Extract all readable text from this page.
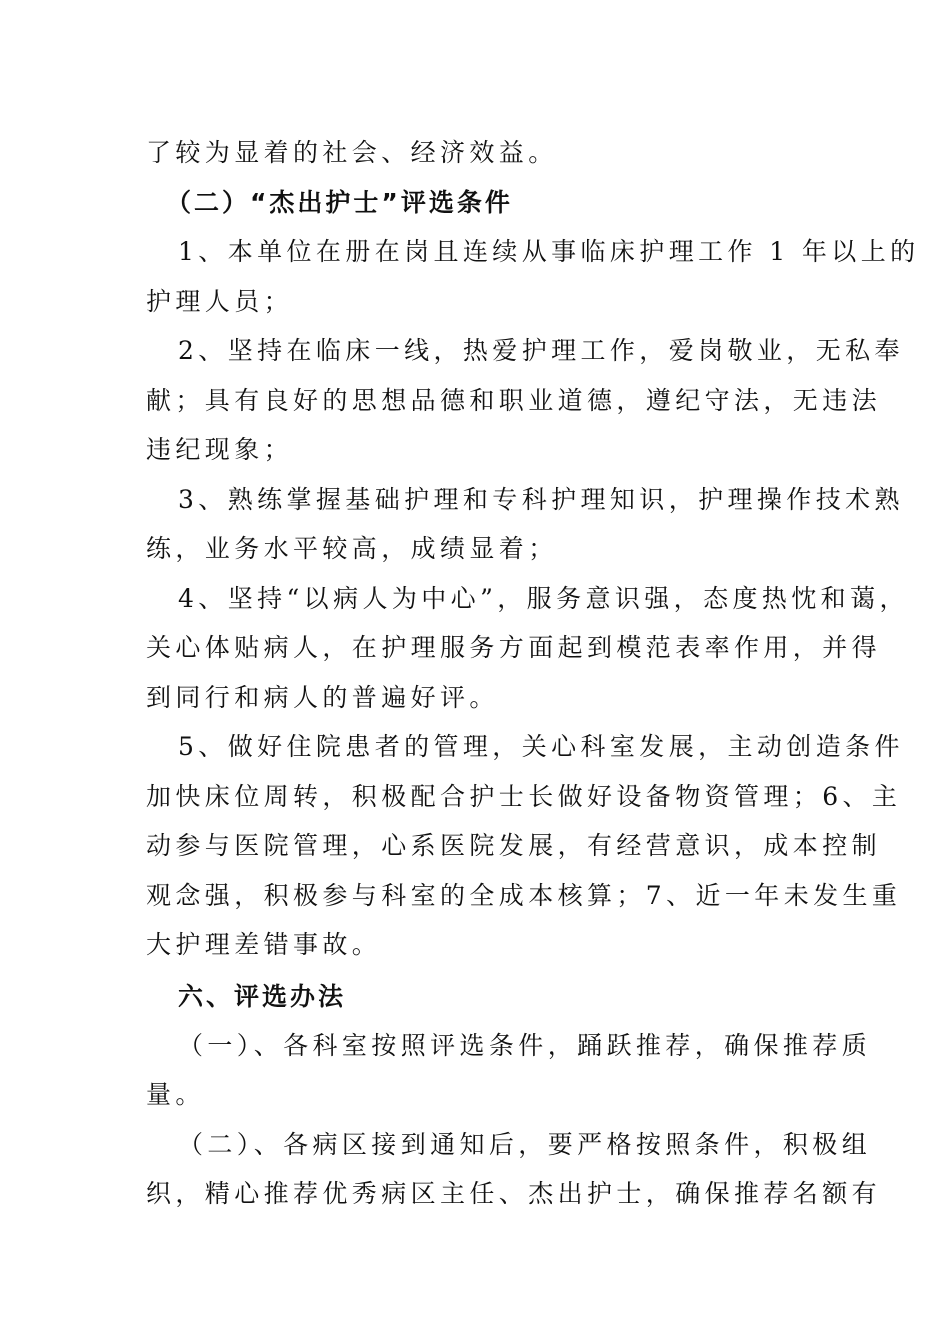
了较为显着的社会、经济效益。
（二）“杰出护士”评选条件
1、本单位在册在岗且连续从事临床护理工作 1 年以上的
护理人员；
2、坚持在临床一线，热爱护理工作，爱岗敬业，无私奉
献；具有良好的思想品德和职业道德，遵纪守法，无违法
违纪现象；
3、熟练掌握基础护理和专科护理知识，护理操作技术熟
练，业务水平较高，成绩显着；
4、坚持“以病人为中心”，服务意识强，态度热忱和蔼，
关心体贴病人，在护理服务方面起到模范表率作用，并得
到同行和病人的普遍好评。
5、做好住院患者的管理，关心科室发展，主动创造条件
加快床位周转，积极配合护士长做好设备物资管理；6、主
动参与医院管理，心系医院发展，有经营意识，成本控制
观念强，积极参与科室的全成本核算；7、近一年未发生重
大护理差错事故。
六、评选办法
（一）、各科室按照评选条件，踊跃推荐，确保推荐质
量。
（二）、各病区接到通知后，要严格按照条件，积极组
织，精心推荐优秀病区主任、杰出护士，确保推荐名额有
